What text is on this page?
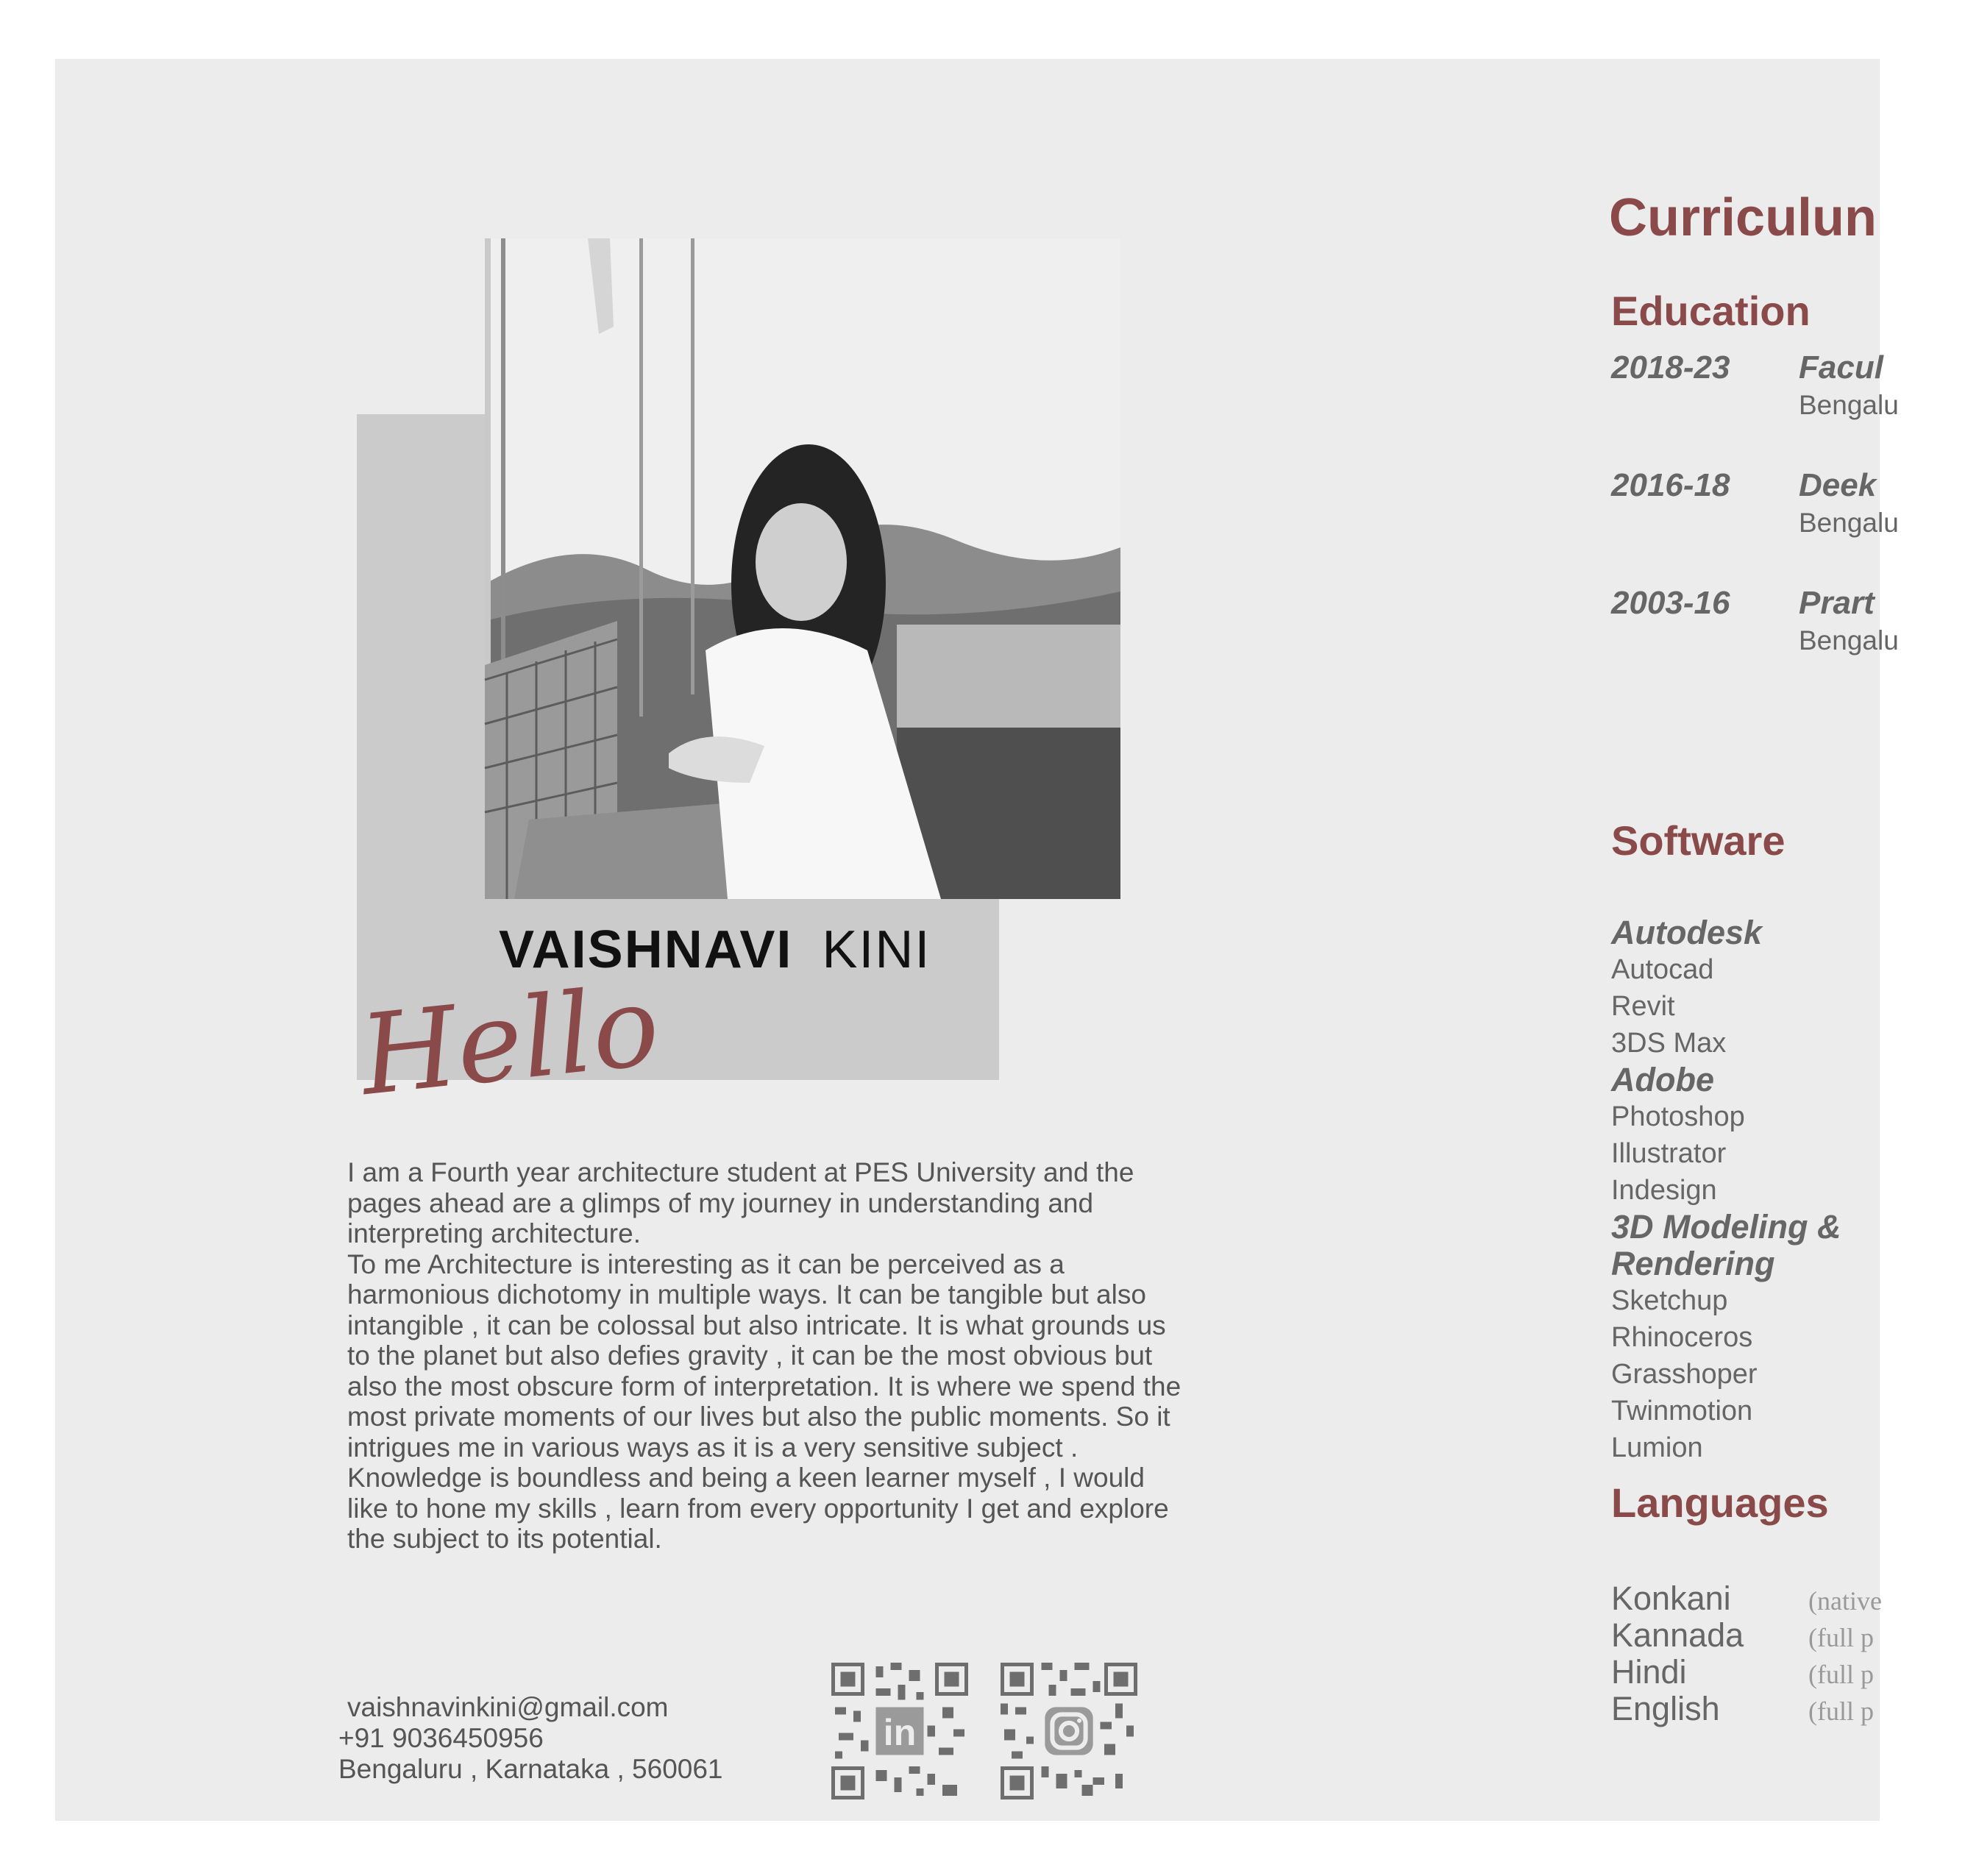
VAISHNAVI KINI
Hello

I am a Fourth year architecture student at PES University and the pages ahead are a glimps of my journey in understanding and interpreting architecture.

To me Architecture is interesting as it can be perceived as a harmonious dichotomy in multiple ways. It can be tangible but also intangible , it can be colossal but also intricate. It is what grounds us to the planet but also defies gravity , it can be the most obvious but also the most obscure form of interpretation. It is where we spend the most private moments of our lives but also the public moments. So it intrigues me in various ways as it is a very sensitive subject .

Knowledge is boundless and being a keen learner myself , I would like to hone my skills , learn from every opportunity I get and explore the subject to its potential.

vaishnavinkini@gmail.com
+91 9036450956
Bengaluru , Karnataka , 560061
in
Curriculun
Education
2018-23 Facul
Bengalu
2016-18 Deek
Bengalu
2003-16 Prart
Bengalu
Software
Autodesk
Autocad
Revit
3DS Max
Adobe
Photoshop
Illustrator
Indesign
3D Modeling &
Rendering
Sketchup
Rhinoceros
Grasshoper
Twinmotion
Lumion
Languages
Konkani	(native
Kannada (full p
Hindi	(full p
English	(full p
